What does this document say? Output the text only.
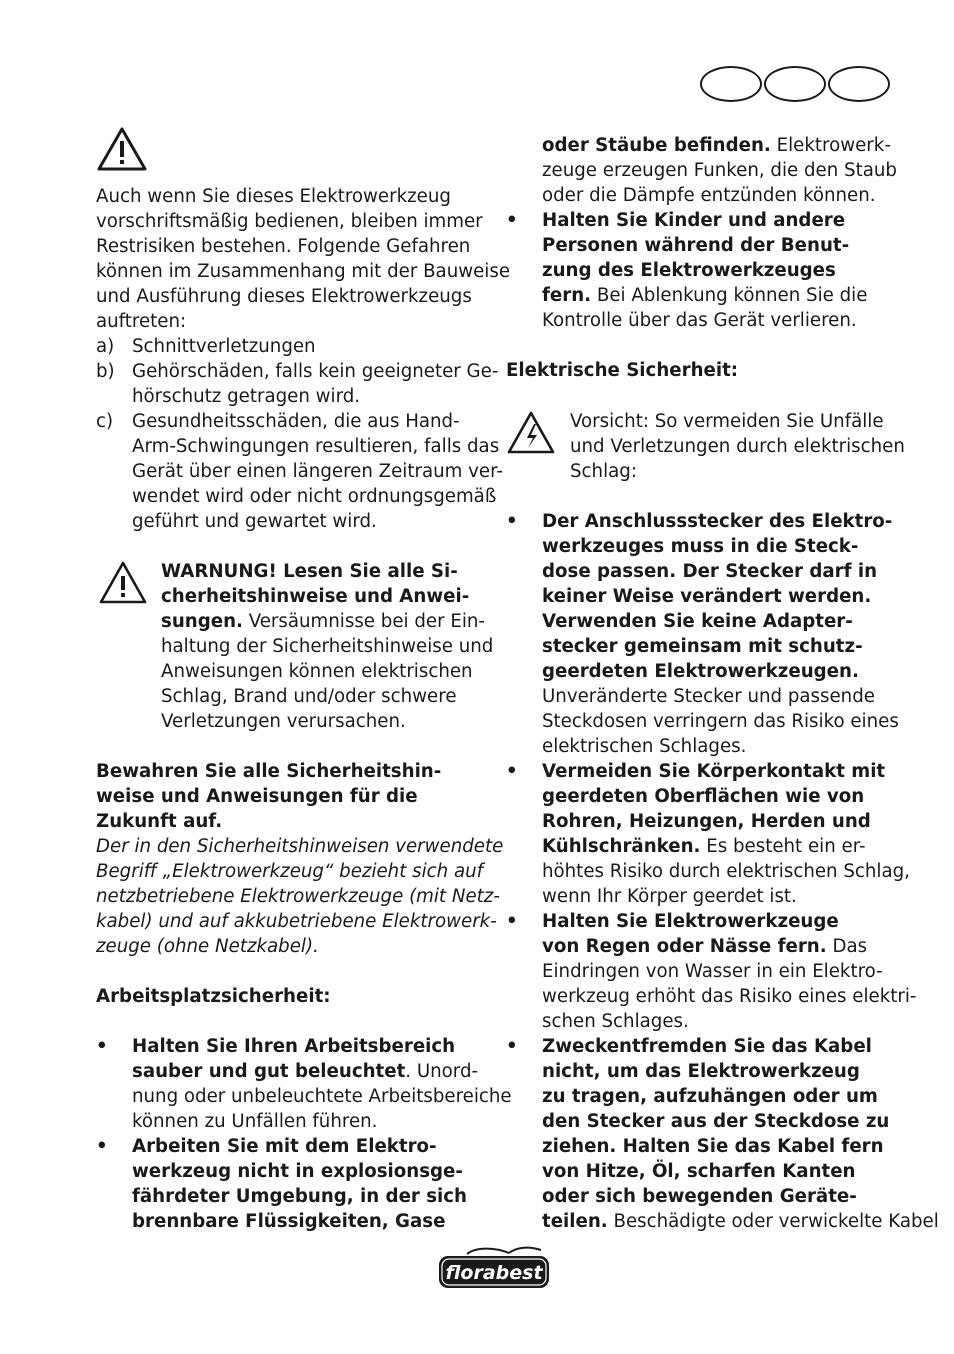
Auch wenn Sie dieses Elektrowerkzeug
vorschriftsmäßig bedienen, bleiben immer
Restrisiken bestehen. Folgende Gefahren
können im Zusammenhang mit der Bauweise
und Ausführung dieses Elektrowerkzeugs
auftreten:
a) Schnittverletzungen
b) Gehörschäden, falls kein geeigneter Ge-
hörschutz getragen wird.
c) Gesundheitsschäden, die aus Hand-
Arm-Schwingungen resultieren, falls das
Gerät über einen längeren Zeitraum ver-
wendet wird oder nicht ordnungsgemäß
geführt und gewartet wird.
WARNUNG! Lesen Sie alle Si-
cherheitshinweise und Anwei-
sungen. Versäumnisse bei der Ein-
haltung der Sicherheitshinweise und
Anweisungen können elektrischen
Schlag, Brand und/oder schwere
Verletzungen verursachen.
Bewahren Sie alle Sicherheitshin-
weise und Anweisungen für die
Zukunft auf.
Der in den Sicherheitshinweisen verwendete
Begriff „Elektrowerkzeug“ bezieht sich auf
netzbetriebene Elektrowerkzeuge (mit Netz-
kabel) und auf akkubetriebene Elektrowerk-
zeuge (ohne Netzkabel).
Arbeitsplatzsicherheit:
• Halten Sie Ihren Arbeitsbereich
sauber und gut beleuchtet. Unord-
nung oder unbeleuchtete Arbeitsbereiche
können zu Unfällen führen.
• Arbeiten Sie mit dem Elektro-
werkzeug nicht in explosionsge-
fährdeter Umgebung, in der sich
brennbare Flüssigkeiten, Gase
oder Stäube befinden. Elektrowerk-
zeuge erzeugen Funken, die den Staub
oder die Dämpfe entzünden können.
• Halten Sie Kinder und andere
Personen während der Benut-
zung des Elektrowerkzeuges
fern. Bei Ablenkung können Sie die
Kontrolle über das Gerät verlieren.
Elektrische Sicherheit:
Vorsicht: So vermeiden Sie Unfälle
und Verletzungen durch elektrischen
Schlag:
• Der Anschlussstecker des Elektro-
werkzeuges muss in die Steck-
dose passen. Der Stecker darf in
keiner Weise verändert werden.
Verwenden Sie keine Adapter-
stecker gemeinsam mit schutz-
geerdeten Elektrowerkzeugen.
Unveränderte Stecker und passende
Steckdosen verringern das Risiko eines
elektrischen Schlages.
• Vermeiden Sie Körperkontakt mit
geerdeten Oberflächen wie von
Rohren, Heizungen, Herden und
Kühlschränken. Es besteht ein er-
höhtes Risiko durch elektrischen Schlag,
wenn Ihr Körper geerdet ist.
• Halten Sie Elektrowerkzeuge
von Regen oder Nässe fern. Das
Eindringen von Wasser in ein Elektro-
werkzeug erhöht das Risiko eines elektri-
schen Schlages.
• Zweckentfremden Sie das Kabel
nicht, um das Elektrowerkzeug
zu tragen, aufzuhängen oder um
den Stecker aus der Steckdose zu
ziehen. Halten Sie das Kabel fern
von Hitze, Öl, scharfen Kanten
oder sich bewegenden Geräte-
teilen. Beschädigte oder verwickelte Kabel
florabest
